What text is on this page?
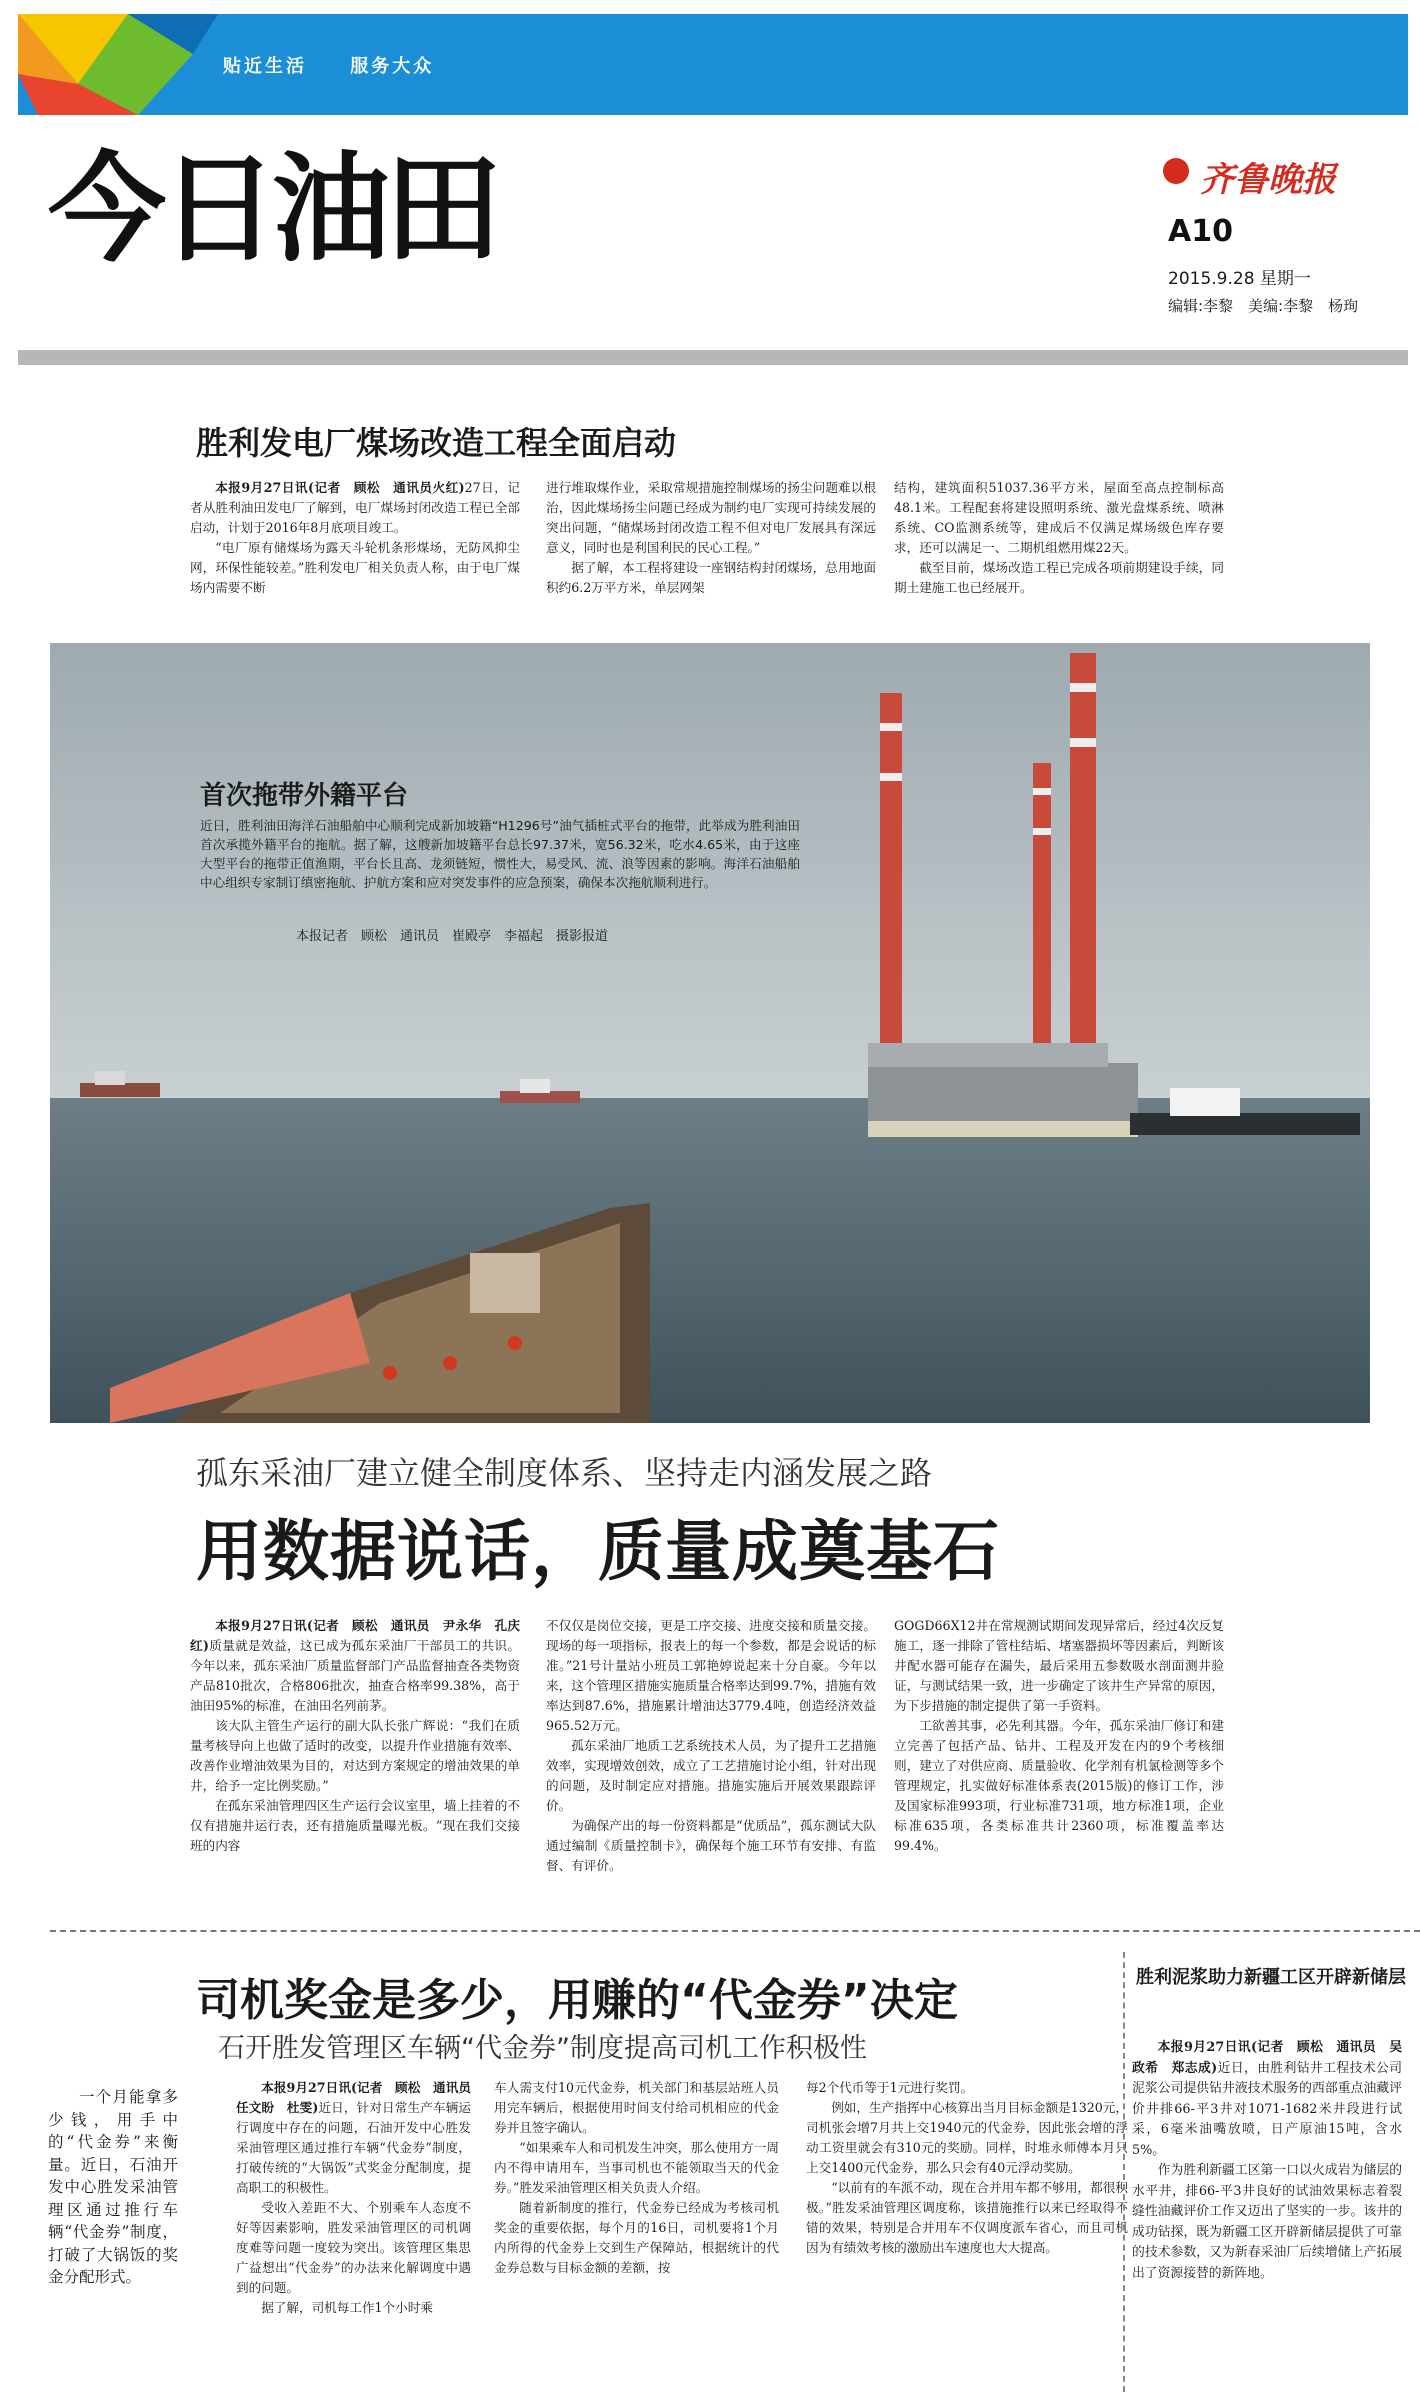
贴近生活 服务大众
今日油田	齐鲁晚报
A10
2015.9.28 星期一
编辑:李黎　美编:李黎　杨珣
胜利发电厂煤场改造工程全面启动

本报9月27日讯(记者　顾松　通讯员火红)27日，记者从胜利油田发电厂了解到，电厂煤场封闭改造工程已全部启动，计划于2016年8月底项目竣工。

“电厂原有储煤场为露天斗轮机条形煤场，无防风抑尘网，环保性能较差。”胜利发电厂相关负责人称，由于电厂煤场内需要不断

进行堆取煤作业，采取常规措施控制煤场的扬尘问题难以根治，因此煤场扬尘问题已经成为制约电厂实现可持续发展的突出问题，“储煤场封闭改造工程不但对电厂发展具有深远意义，同时也是利国利民的民心工程。”

据了解，本工程将建设一座钢结构封闭煤场，总用地面积约6.2万平方米，单层网架

结构，建筑面积51037.36平方米，屋面至高点控制标高48.1米。工程配套将建设照明系统、激光盘煤系统、喷淋系统、CO监测系统等，建成后不仅满足煤场级色库存要求，还可以满足一、二期机组燃用煤22天。

截至目前，煤场改造工程已完成各项前期建设手续，同期土建施工也已经展开。

首次拖带外籍平台
近日，胜利油田海洋石油船舶中心顺利完成新加坡籍“H1296号”油气插桩式平台的拖带，此举成为胜利油田首次承揽外籍平台的拖航。据了解，这艘新加坡籍平台总长97.37米，宽56.32米，吃水4.65米，由于这座大型平台的拖带正值渔期，平台长且高、龙须链短，惯性大，易受风、流、浪等因素的影响。海洋石油船舶中心组织专家制订缜密拖航、护航方案和应对突发事件的应急预案，确保本次拖航顺利进行。
本报记者　顾松　通讯员　崔殿亭　李福起　摄影报道
孤东采油厂建立健全制度体系、坚持走内涵发展之路
用数据说话，质量成奠基石

本报9月27日讯(记者　顾松　通讯员　尹永华　孔庆红)质量就是效益，这已成为孤东采油厂干部员工的共识。今年以来，孤东采油厂质量监督部门产品监督抽查各类物资产品810批次，合格806批次，抽查合格率99.38%，高于油田95%的标准，在油田名列前茅。

该大队主管生产运行的副大队长张广辉说：“我们在质量考核导向上也做了适时的改变，以提升作业措施有效率、改善作业增油效果为目的，对达到方案规定的增油效果的单井，给予一定比例奖励。”

在孤东采油管理四区生产运行会议室里，墙上挂着的不仅有措施井运行表，还有措施质量曝光板。“现在我们交接班的内容

不仅仅是岗位交接，更是工序交接、进度交接和质量交接。现场的每一项指标，报表上的每一个参数，都是会说话的标准。”21号计量站小班员工郭艳婷说起来十分自豪。今年以来，这个管理区措施实施质量合格率达到99.7%，措施有效率达到87.6%，措施累计增油达3779.4吨，创造经济效益965.52万元。

孤东采油厂地质工艺系统技术人员，为了提升工艺措施效率，实现增效创效，成立了工艺措施讨论小组，针对出现的问题，及时制定应对措施。措施实施后开展效果跟踪评价。

为确保产出的每一份资料都是“优质品”，孤东测试大队通过编制《质量控制卡》，确保每个施工环节有安排、有监督、有评价。

GOGD66X12井在常规测试期间发现异常后，经过4次反复施工，逐一排除了管柱结垢、堵塞器损坏等因素后，判断该井配水器可能存在漏失，最后采用五参数吸水剖面测井验证，与测试结果一致，进一步确定了该井生产异常的原因，为下步措施的制定提供了第一手资料。

工欲善其事，必先利其器。今年，孤东采油厂修订和建立完善了包括产品、钻井、工程及开发在内的9个考核细则，建立了对供应商、质量验收、化学剂有机氯检测等多个管理规定，扎实做好标准体系表(2015版)的修订工作，涉及国家标准993项，行业标准731项，地方标准1项，企业标准635项，各类标准共计2360项，标准覆盖率达99.4%。

司机奖金是多少，用赚的“代金券”决定
石开胜发管理区车辆“代金券”制度提高司机工作积极性

一个月能拿多少钱，用手中的“代金券”来衡量。近日，石油开发中心胜发采油管理区通过推行车辆“代金券”制度，打破了大锅饭的奖金分配形式。

本报9月27日讯(记者　顾松　通讯员　任文盼　杜雯)近日，针对日常生产车辆运行调度中存在的问题，石油开发中心胜发采油管理区通过推行车辆“代金券”制度，打破传统的“大锅饭”式奖金分配制度，提高职工的积极性。

受收入差距不大、个别乘车人态度不好等因素影响，胜发采油管理区的司机调度难等问题一度较为突出。该管理区集思广益想出“代金券”的办法来化解调度中遇到的问题。

据了解，司机每工作1个小时乘

车人需支付10元代金券，机关部门和基层站班人员用完车辆后，根据使用时间支付给司机相应的代金券并且签字确认。

“如果乘车人和司机发生冲突，那么使用方一周内不得申请用车，当事司机也不能领取当天的代金券。”胜发采油管理区相关负责人介绍。

随着新制度的推行，代金券已经成为考核司机奖金的重要依据，每个月的16日，司机要将1个月内所得的代金券上交到生产保障站，根据统计的代金券总数与目标金额的差额，按

每2个代币等于1元进行奖罚。

例如，生产指挥中心核算出当月目标金额是1320元，司机张会增7月共上交1940元的代金券，因此张会增的浮动工资里就会有310元的奖励。同样，时堆永师傅本月只上交1400元代金券，那么只会有40元浮动奖励。

“以前有的车派不动，现在合并用车都不够用，都很积极。”胜发采油管理区调度称，该措施推行以来已经取得不错的效果，特别是合并用车不仅调度派车省心，而且司机因为有绩效考核的激励出车速度也大大提高。

胜利泥浆助力新疆工区开辟新储层

本报9月27日讯(记者　顾松　通讯员　吴政希　郑志成)近日，由胜利钻井工程技术公司泥浆公司提供钻井液技术服务的西部重点油藏评价井排66-平3井对1071-1682米井段进行试采，6毫米油嘴放喷，日产原油15吨，含水5%。

作为胜利新疆工区第一口以火成岩为储层的水平井，排66-平3井良好的试油效果标志着裂缝性油藏评价工作又迈出了坚实的一步。该井的成功钻探，既为新疆工区开辟新储层提供了可靠的技术参数，又为新春采油厂后续增储上产拓展出了资源接替的新阵地。
